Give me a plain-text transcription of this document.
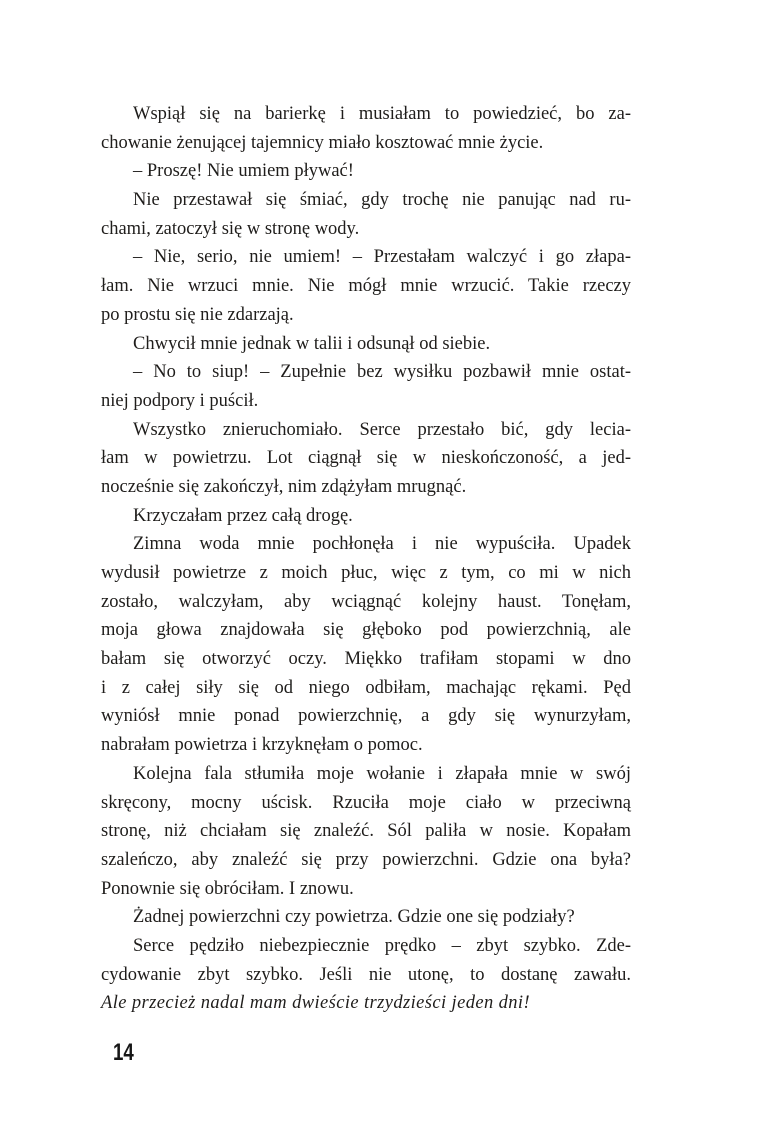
Wspiął się na barierkę i musiałam to powiedzieć, bo za-
chowanie żenującej tajemnicy miało kosztować mnie życie.
– Proszę! Nie umiem pływać!
Nie przestawał się śmiać, gdy trochę nie panując nad ru-
chami, zatoczył się w stronę wody.
– Nie, serio, nie umiem! – Przestałam walczyć i go złapa-
łam. Nie wrzuci mnie. Nie mógł mnie wrzucić. Takie rzeczy
po prostu się nie zdarzają.
Chwycił mnie jednak w talii i odsunął od siebie.
– No to siup! – Zupełnie bez wysiłku pozbawił mnie ostat-
niej podpory i puścił.
Wszystko znieruchomiało. Serce przestało bić, gdy lecia-
łam w powietrzu. Lot ciągnął się w nieskończoność, a jed-
nocześnie się zakończył, nim zdążyłam mrugnąć.
Krzyczałam przez całą drogę.
Zimna woda mnie pochłonęła i nie wypuściła. Upadek
wydusił powietrze z moich płuc, więc z tym, co mi w nich
zostało, walczyłam, aby wciągnąć kolejny haust. Tonęłam,
moja głowa znajdowała się głęboko pod powierzchnią, ale
bałam się otworzyć oczy. Miękko trafiłam stopami w dno
i z całej siły się od niego odbiłam, machając rękami. Pęd
wyniósł mnie ponad powierzchnię, a gdy się wynurzyłam,
nabrałam powietrza i krzyknęłam o pomoc.
Kolejna fala stłumiła moje wołanie i złapała mnie w swój
skręcony, mocny uścisk. Rzuciła moje ciało w przeciwną
stronę, niż chciałam się znaleźć. Sól paliła w nosie. Kopałam
szaleńczo, aby znaleźć się przy powierzchni. Gdzie ona była?
Ponownie się obróciłam. I znowu.
Żadnej powierzchni czy powietrza. Gdzie one się podziały?
Serce pędziło niebezpiecznie prędko – zbyt szybko. Zde-
cydowanie zbyt szybko. Jeśli nie utonę, to dostanę zawału.
Ale przecież nadal mam dwieście trzydzieści jeden dni!
14
